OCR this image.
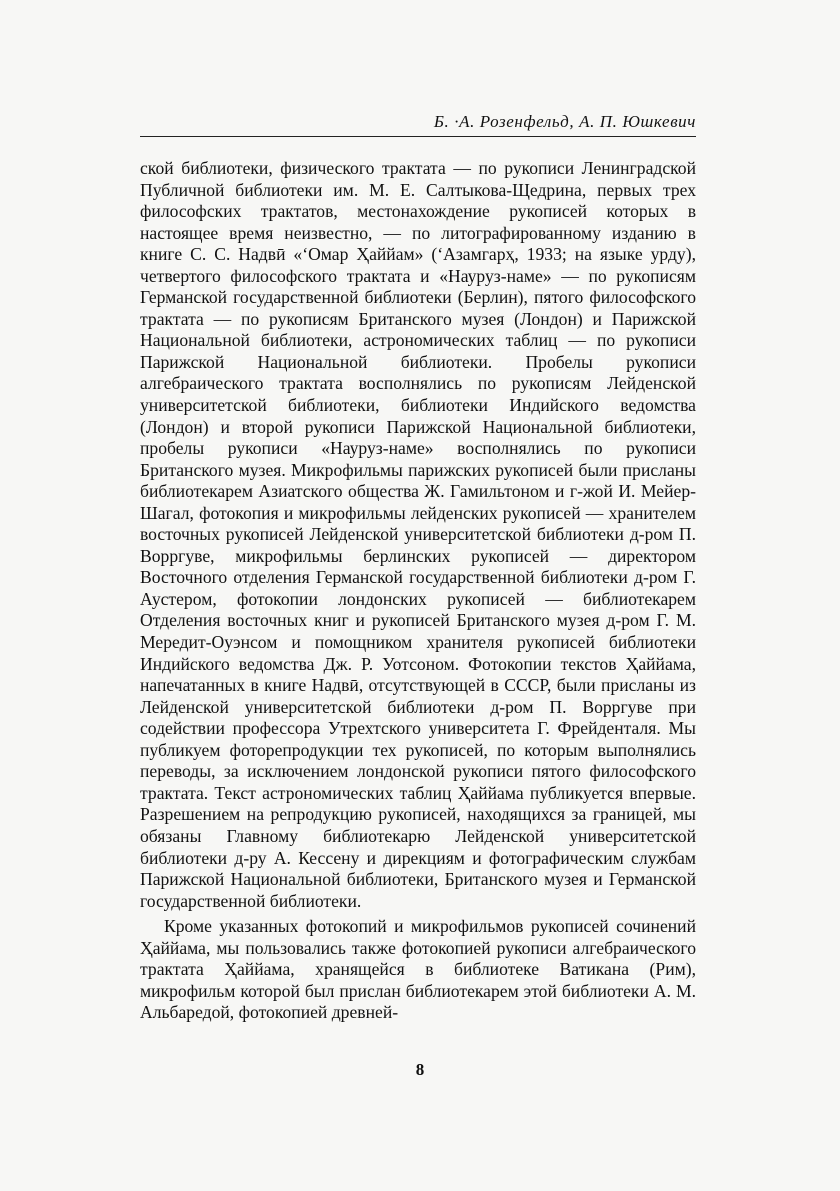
Б. ·А. Розенфельд, А. П. Юшкевич

ской библиотеки, физического трактата — по рукописи Ленинградской Публичной библиотеки им. М. Е. Салтыкова-Щедрина, первых трех философских трактатов, местонахождение рукописей которых в настоящее время неизвестно, — по литографированному изданию в книге С. С. Надвӣ «ʻОмар Ҳаййам» (ʻАзамгарҳ, 1933; на языке урду), четвертого философского трактата и «Науруз-наме» — по рукописям Германской государственной библиотеки (Берлин), пятого философского трактата — по рукописям Британского музея (Лондон) и Парижской Национальной библиотеки, астрономических таблиц — по рукописи Парижской Национальной библиотеки. Пробелы рукописи алгебраического трактата восполнялись по рукописям Лейденской университетской библиотеки, библиотеки Индийского ведомства (Лондон) и второй рукописи Парижской Национальной библиотеки, пробелы рукописи «Науруз-наме» восполнялись по рукописи Британского музея. Микрофильмы парижских рукописей были присланы библиотекарем Азиатского общества Ж. Гамильтоном и г-жой И. Мейер-Шагал, фотокопия и микрофильмы лейденских рукописей — хранителем восточных рукописей Лейденской университетской библиотеки д-ром П. Ворргуве, микрофильмы берлинских рукописей — директором Восточного отделения Германской государственной библиотеки д-ром Г. Аустером, фотокопии лондонских рукописей — библиотекарем Отделения восточных книг и рукописей Британского музея д-ром Г. М. Мередит-Оуэнсом и помощником хранителя рукописей библиотеки Индийского ведомства Дж. Р. Уотсоном. Фотокопии текстов Ҳаййама, напечатанных в книге Надвӣ, отсутствующей в СССР, были присланы из Лейденской университетской библиотеки д-ром П. Ворргуве при содействии профессора Утрехтского университета Г. Фрейденталя. Мы публикуем фоторепродукции тех рукописей, по которым выполнялись переводы, за исключением лондонской рукописи пятого философского трактата. Текст астрономических таблиц Ҳаййама публикуется впервые. Разрешением на репродукцию рукописей, находящихся за границей, мы обязаны Главному библиотекарю Лейденской университетской библиотеки д-ру А. Кессену и дирекциям и фотографическим службам Парижской Национальной библиотеки, Британского музея и Германской государственной библиотеки.

Кроме указанных фотокопий и микрофильмов рукописей сочинений Ҳаййама, мы пользовались также фотокопией рукописи алгебраического трактата Ҳаййама, хранящейся в библиотеке Ватикана (Рим), микрофильм которой был прислан библиотекарем этой библиотеки А. М. Альбаредой, фотокопией древней-

8
